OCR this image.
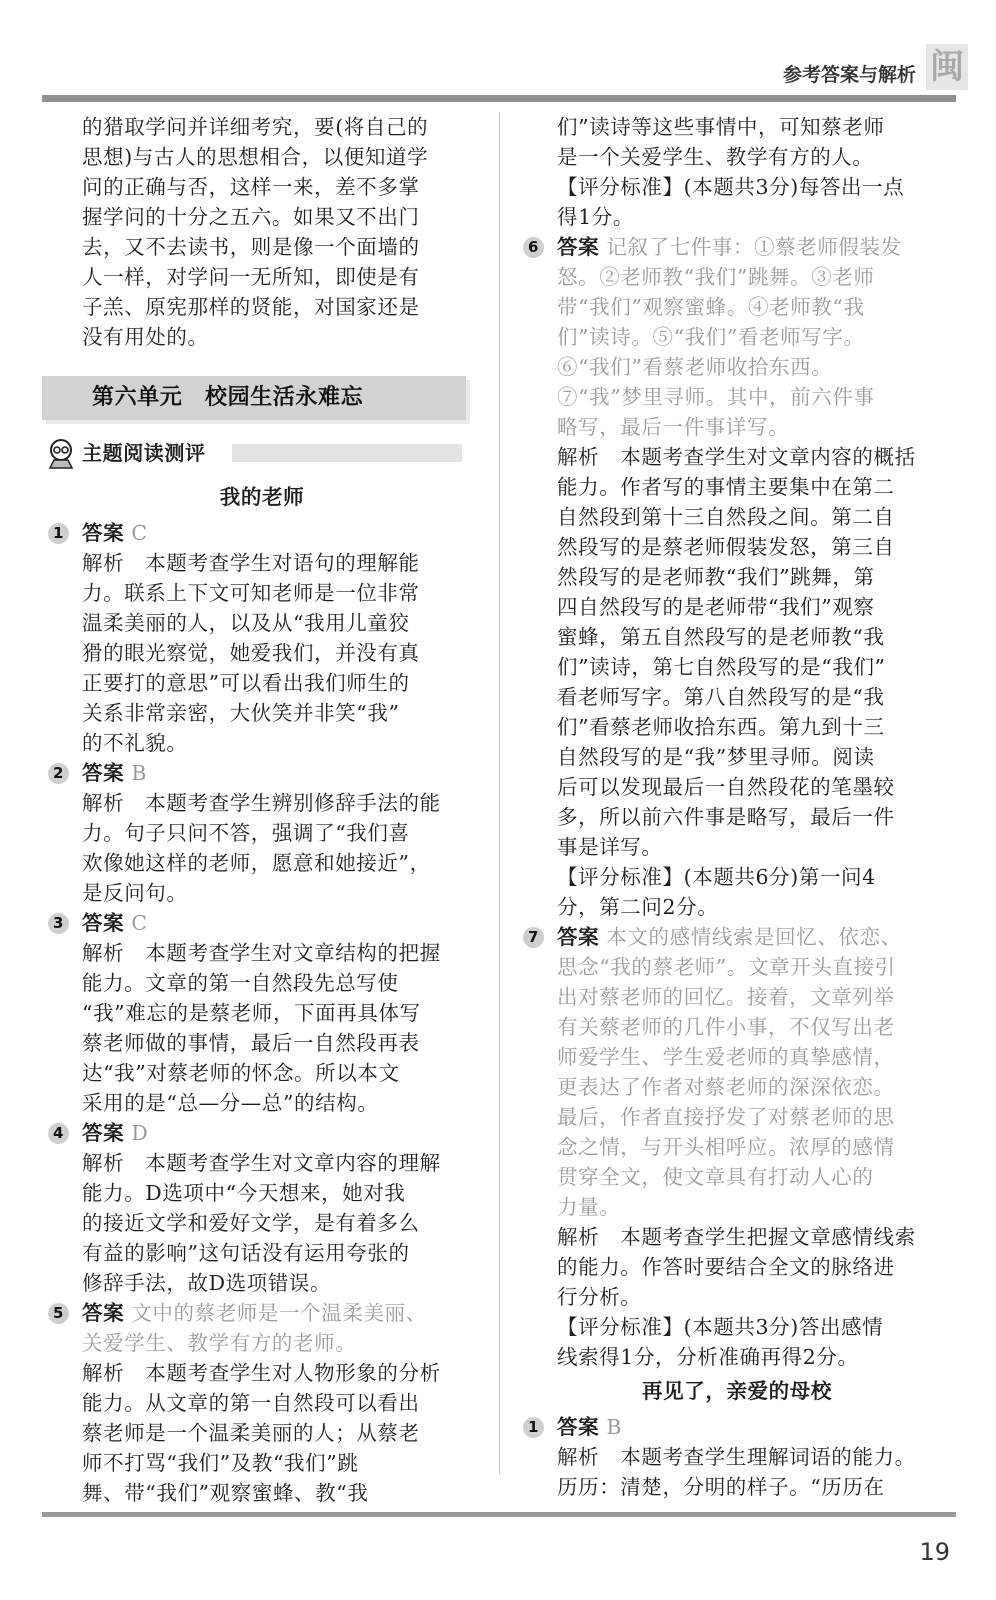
参考答案与解析 闽

的猎取学问并详细考究，要(将自己的

思想)与古人的思想相合，以便知道学

问的正确与否，这样一来，差不多掌

握学问的十分之五六。如果又不出门

去，又不去读书，则是像一个面墙的

人一样，对学问一无所知，即使是有

子羔、原宪那样的贤能，对国家还是

没有用处的。

第六单元　校园生活永难忘
主题阅读测评
我的老师
1 答案 C

解析　本题考查学生对语句的理解能

力。联系上下文可知老师是一位非常

温柔美丽的人，以及从“我用儿童狡

猾的眼光察觉，她爱我们，并没有真

正要打的意思”可以看出我们师生的

关系非常亲密，大伙笑并非笑“我”

的不礼貌。

2 答案 B

解析　本题考查学生辨别修辞手法的能

力。句子只问不答，强调了“我们喜

欢像她这样的老师，愿意和她接近”，

是反问句。

3 答案 C

解析　本题考查学生对文章结构的把握

能力。文章的第一自然段先总写使

“我”难忘的是蔡老师，下面再具体写

蔡老师做的事情，最后一自然段再表

达“我”对蔡老师的怀念。所以本文

采用的是“总—分—总”的结构。

4 答案 D

解析　本题考查学生对文章内容的理解

能力。D选项中“今天想来，她对我

的接近文学和爱好文学，是有着多么

有益的影响”这句话没有运用夸张的

修辞手法，故D选项错误。

5 答案 文中的蔡老师是一个温柔美丽、

关爱学生、教学有方的老师。

解析　本题考查学生对人物形象的分析

能力。从文章的第一自然段可以看出

蔡老师是一个温柔美丽的人；从蔡老

师不打骂“我们”及教“我们”跳

舞、带“我们”观察蜜蜂、教“我

们”读诗等这些事情中，可知蔡老师

是一个关爱学生、教学有方的人。

【评分标准】(本题共3分)每答出一点

得1分。

6 答案 记叙了七件事：①蔡老师假装发

怒。②老师教“我们”跳舞。③老师

带“我们”观察蜜蜂。④老师教“我

们”读诗。⑤“我们”看老师写字。

⑥“我们”看蔡老师收拾东西。

⑦“我”梦里寻师。其中，前六件事

略写，最后一件事详写。

解析　本题考查学生对文章内容的概括

能力。作者写的事情主要集中在第二

自然段到第十三自然段之间。第二自

然段写的是蔡老师假装发怒，第三自

然段写的是老师教“我们”跳舞，第

四自然段写的是老师带“我们”观察

蜜蜂，第五自然段写的是老师教“我

们”读诗，第七自然段写的是“我们”

看老师写字。第八自然段写的是“我

们”看蔡老师收拾东西。第九到十三

自然段写的是“我”梦里寻师。阅读

后可以发现最后一自然段花的笔墨较

多，所以前六件事是略写，最后一件

事是详写。

【评分标准】(本题共6分)第一问4

分，第二问2分。

7 答案 本文的感情线索是回忆、依恋、

思念“我的蔡老师”。文章开头直接引

出对蔡老师的回忆。接着，文章列举

有关蔡老师的几件小事，不仅写出老

师爱学生、学生爱老师的真挚感情，

更表达了作者对蔡老师的深深依恋。

最后，作者直接抒发了对蔡老师的思

念之情，与开头相呼应。浓厚的感情

贯穿全文，使文章具有打动人心的

力量。

解析　本题考查学生把握文章感情线索

的能力。作答时要结合全文的脉络进

行分析。

【评分标准】(本题共3分)答出感情

线索得1分，分析准确再得2分。

再见了，亲爱的母校
1 答案 B

解析　本题考查学生理解词语的能力。

历历：清楚，分明的样子。“历历在

19
